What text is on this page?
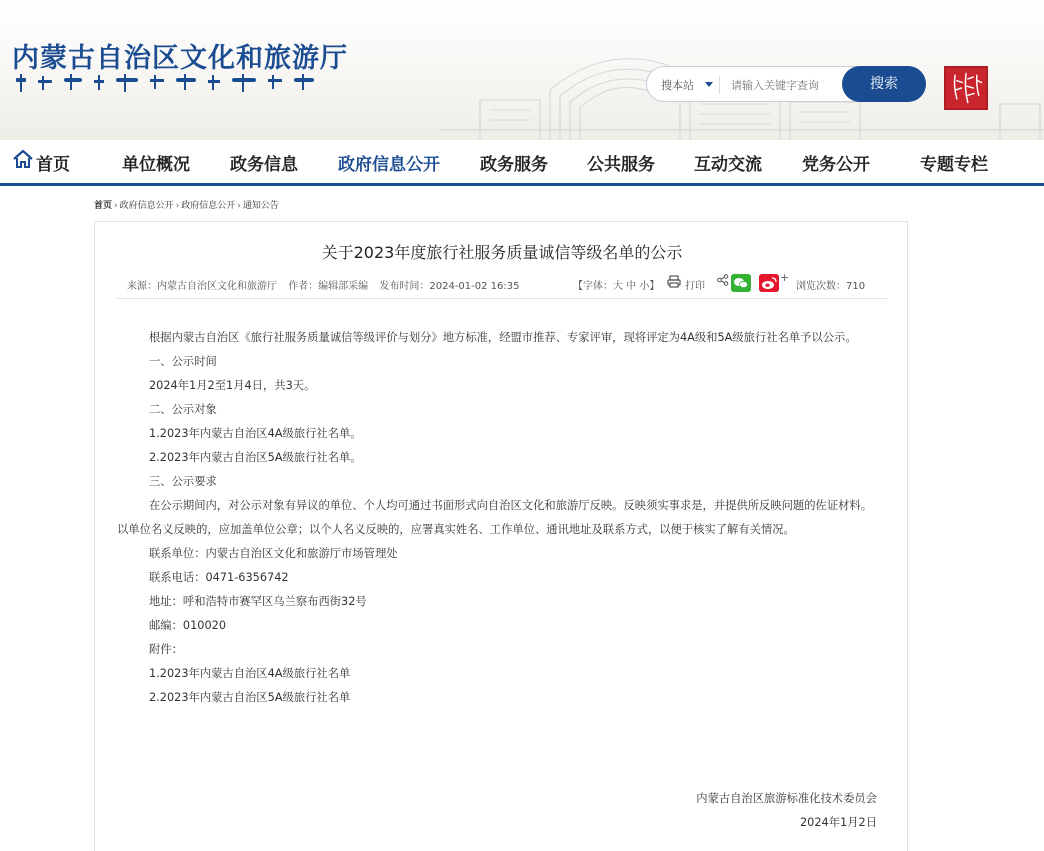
内蒙古自治区文化和旅游厅
搜本站
请输入关键字查询	搜索
首页	单位概况 政务信息 政府信息公开 政务服务 公共服务 互动交流 党务公开	专题专栏
首页 › 政府信息公开 › 政府信息公开 › 通知公告
关于2023年度旅行社服务质量诚信等级名单的公示
来源：内蒙古自治区文化和旅游厅 作者：编辑部采编 发布时间：2024-01-02 16:35	【字体：大 中 小】	打印
+
浏览次数：710

根据内蒙古自治区《旅行社服务质量诚信等级评价与划分》地方标准，经盟市推荐、专家评审，现将评定为4A级和5A级旅行社名单予以公示。

一、公示时间

2024年1月2至1月4日，共3天。

二、公示对象

1.2023年内蒙古自治区4A级旅行社名单。

2.2023年内蒙古自治区5A级旅行社名单。

三、公示要求

在公示期间内，对公示对象有异议的单位、个人均可通过书面形式向自治区文化和旅游厅反映。反映须实事求是，并提供所反映问题的佐证材料。以单位名义反映的，应加盖单位公章；以个人名义反映的，应署真实姓名、工作单位、通讯地址及联系方式，以便于核实了解有关情况。

联系单位：内蒙古自治区文化和旅游厅市场管理处

联系电话：0471-6356742

地址：呼和浩特市赛罕区乌兰察布西街32号

邮编：010020

附件：

1.2023年内蒙古自治区4A级旅行社名单

2.2023年内蒙古自治区5A级旅行社名单

内蒙古自治区旅游标准化技术委员会
2024年1月2日
